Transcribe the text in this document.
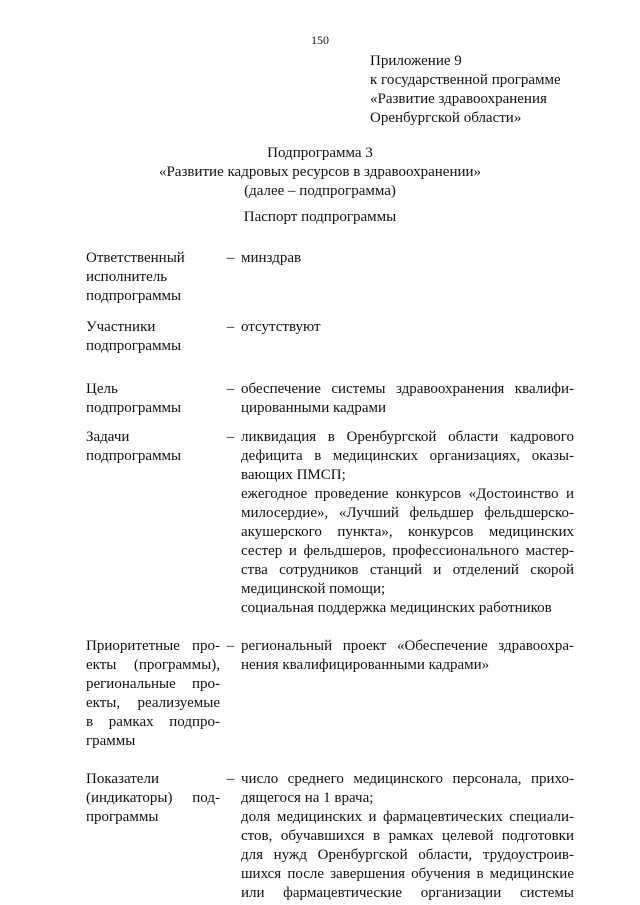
150
Приложение 9
к государственной программе
«Развитие здравоохранения
Оренбургской области»
Подпрограмма 3
«Развитие кадровых ресурсов в здравоохранении»
(далее – подпрограмма)
Паспорт подпрограммы
Ответственный
исполнитель
подпрограммы
– минздрав
Участники
подпрограммы
– отсутствуют
Цель
подпрограммы
– обеспечение системы здравоохранения квалифи-
цированными кадрами
Задачи
подпрограммы
– ликвидация в Оренбургской области кадрового
дефицита в медицинских организациях, оказы-
вающих ПМСП;
ежегодное проведение конкурсов «Достоинство и
милосердие», «Лучший фельдшер фельдшерско-
акушерского пункта», конкурсов медицинских
сестер и фельдшеров, профессионального мастер-
ства сотрудников станций и отделений скорой
медицинской помощи;
социальная поддержка медицинских работников
Приоритетные про-
екты (программы),
региональные про-
екты, реализуемые
в рамках подпро-
граммы
– региональный проект «Обеспечение здравоохра-
нения квалифицированными кадрами»
Показатели
(индикаторы) под-
программы
– число среднего медицинского персонала, прихо-
дящегося на 1 врача;
доля медицинских и фармацевтических специали-
стов, обучавшихся в рамках целевой подготовки
для нужд Оренбургской области, трудоустроив-
шихся после завершения обучения в медицинские
или фармацевтические организации системы
